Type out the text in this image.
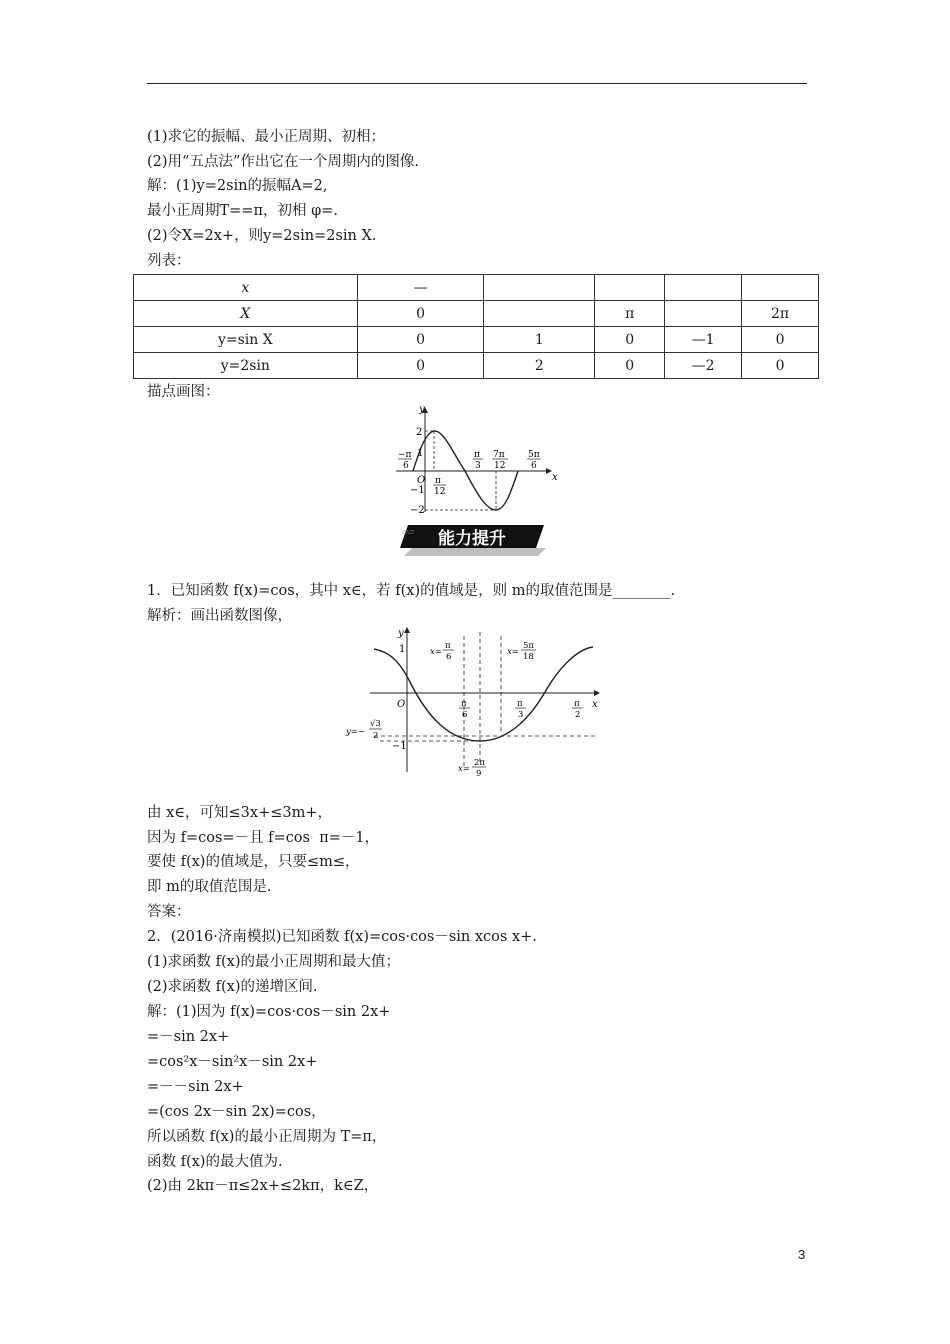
(1)求它的振幅、最小正周期、初相；
(2)用“五点法”作出它在一个周期内的图像.
解：(1)y=2sin的振幅A=2,
最小正周期T==π，初相 φ=.
(2)令X=2x+，则y=2sin=2sin X.
列表：
x	—				
X	0		π		2π
y=sin X	0	1	0	—1	0
y=2sin	0	2	0	—2	0
描点画图：
y
x
O
2
1
−1
−2
−π
6
π
12
π
3
7π
12
5π
6
▱▱ 能力提升
1．已知函数 f(x)=cos，其中 x∈，若 f(x)的值域是，则 m的取值范围是________.
解析：画出函数图像，
y
x
O
1
−1
x=
π
6	x=
5π
18
π
6
π
3
π
2
y=−
√3
2
x=
2π
9
由 x∈，可知≤3x+≤3m+，
因为 f=cos=－且 f=cos  π=－1，
要使 f(x)的值域是，只要≤m≤，
即 m的取值范围是.
答案：
2．(2016·济南模拟)已知函数 f(x)=cos·cos－sin xcos x+.
(1)求函数 f(x)的最小正周期和最大值；
(2)求函数 f(x)的递增区间.
解：(1)因为 f(x)=cos·cos－sin 2x+
=－sin 2x+
=cos²x－sin²x－sin 2x+
=－－sin 2x+
=(cos 2x－sin 2x)=cos，
所以函数 f(x)的最小正周期为 T=π，
函数 f(x)的最大值为.
(2)由 2kπ－π≤2x+≤2kπ，k∈Z，
3
